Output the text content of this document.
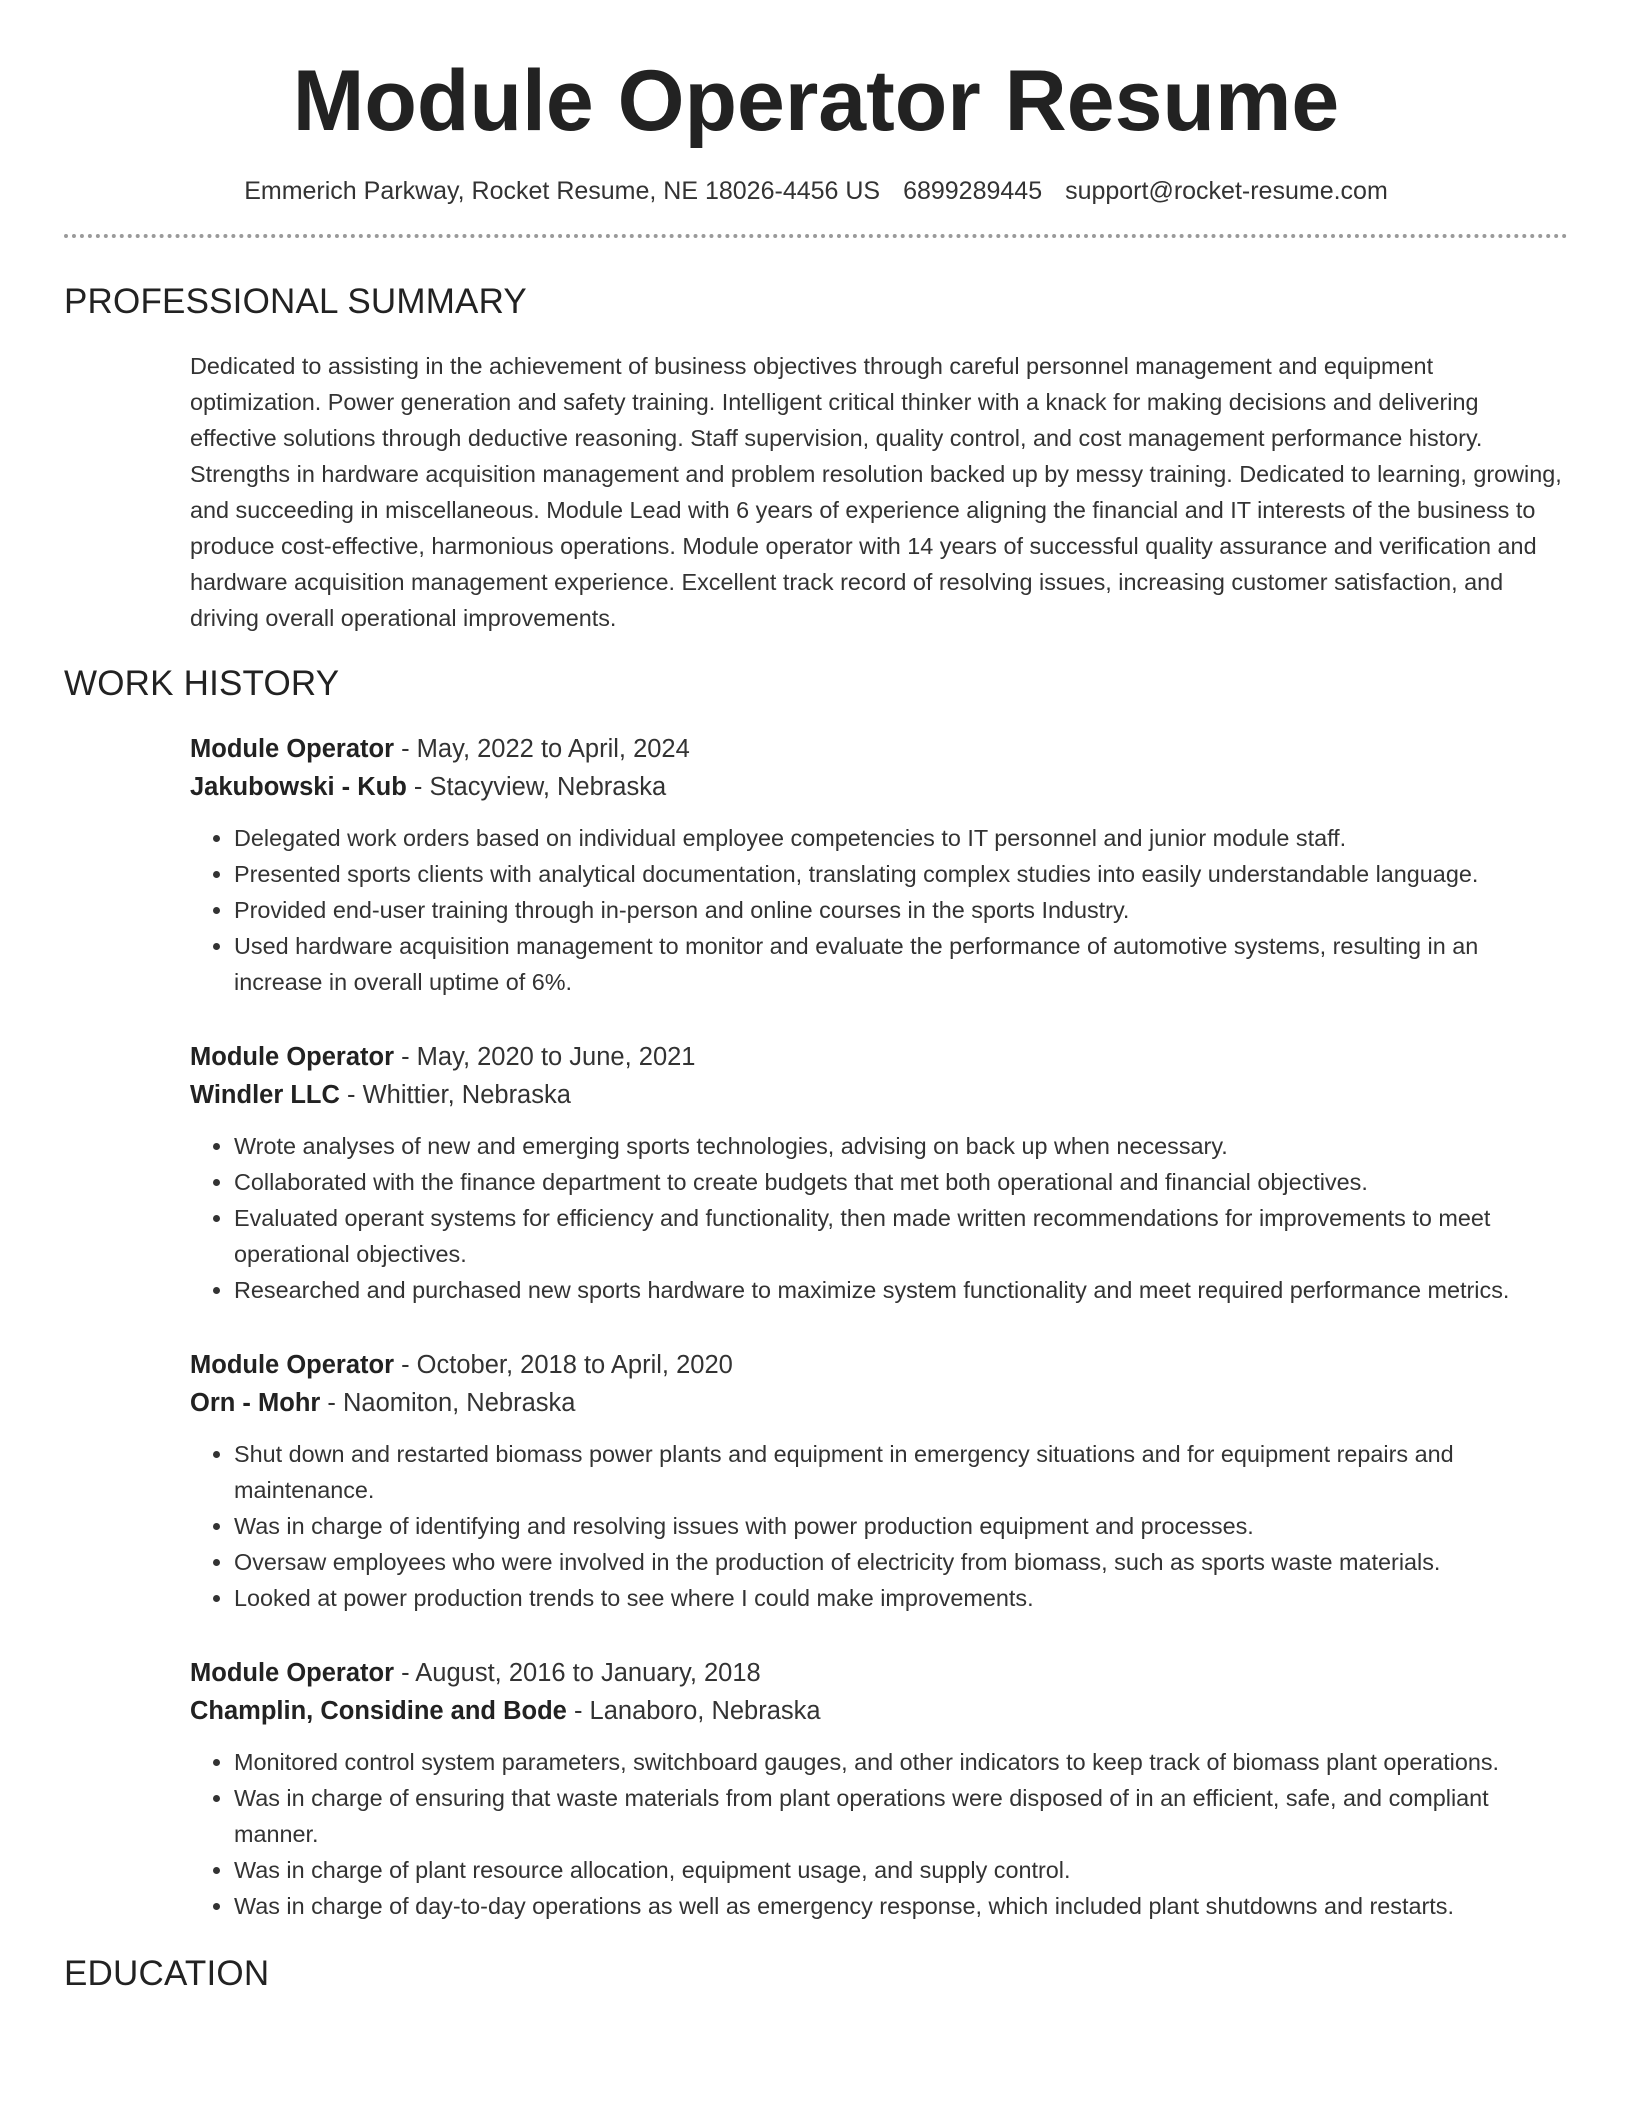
Module Operator Resume
Emmerich Parkway, Rocket Resume, NE 18026-4456 US 6899289445 support@rocket-resume.com
PROFESSIONAL SUMMARY

Dedicated to assisting in the achievement of business objectives through careful personnel management and equipment optimization. Power generation and safety training. Intelligent critical thinker with a knack for making decisions and delivering effective solutions through deductive reasoning. Staff supervision, quality control, and cost management performance history. Strengths in hardware acquisition management and problem resolution backed up by messy training. Dedicated to learning, growing, and succeeding in miscellaneous. Module Lead with 6 years of experience aligning the financial and IT interests of the business to produce cost-effective, harmonious operations. Module operator with 14 years of successful quality assurance and verification and hardware acquisition management experience. Excellent track record of resolving issues, increasing customer satisfaction, and driving overall operational improvements.

WORK HISTORY
Module Operator - May, 2022 to April, 2024
Jakubowski - Kub - Stacyview, Nebraska
• Delegated work orders based on individual employee competencies to IT personnel and junior module staff.
• Presented sports clients with analytical documentation, translating complex studies into easily understandable language.
• Provided end-user training through in-person and online courses in the sports Industry.
• Used hardware acquisition management to monitor and evaluate the performance of automotive systems, resulting in an increase in overall uptime of 6%.
Module Operator - May, 2020 to June, 2021
Windler LLC - Whittier, Nebraska
• Wrote analyses of new and emerging sports technologies, advising on back up when necessary.
• Collaborated with the finance department to create budgets that met both operational and financial objectives.
• Evaluated operant systems for efficiency and functionality, then made written recommendations for improvements to meet operational objectives.
• Researched and purchased new sports hardware to maximize system functionality and meet required performance metrics.
Module Operator - October, 2018 to April, 2020
Orn - Mohr - Naomiton, Nebraska
• Shut down and restarted biomass power plants and equipment in emergency situations and for equipment repairs and maintenance.
• Was in charge of identifying and resolving issues with power production equipment and processes.
• Oversaw employees who were involved in the production of electricity from biomass, such as sports waste materials.
• Looked at power production trends to see where I could make improvements.
Module Operator - August, 2016 to January, 2018
Champlin, Considine and Bode - Lanaboro, Nebraska
• Monitored control system parameters, switchboard gauges, and other indicators to keep track of biomass plant operations.
• Was in charge of ensuring that waste materials from plant operations were disposed of in an efficient, safe, and compliant manner.
• Was in charge of plant resource allocation, equipment usage, and supply control.
• Was in charge of day-to-day operations as well as emergency response, which included plant shutdowns and restarts.
EDUCATION
